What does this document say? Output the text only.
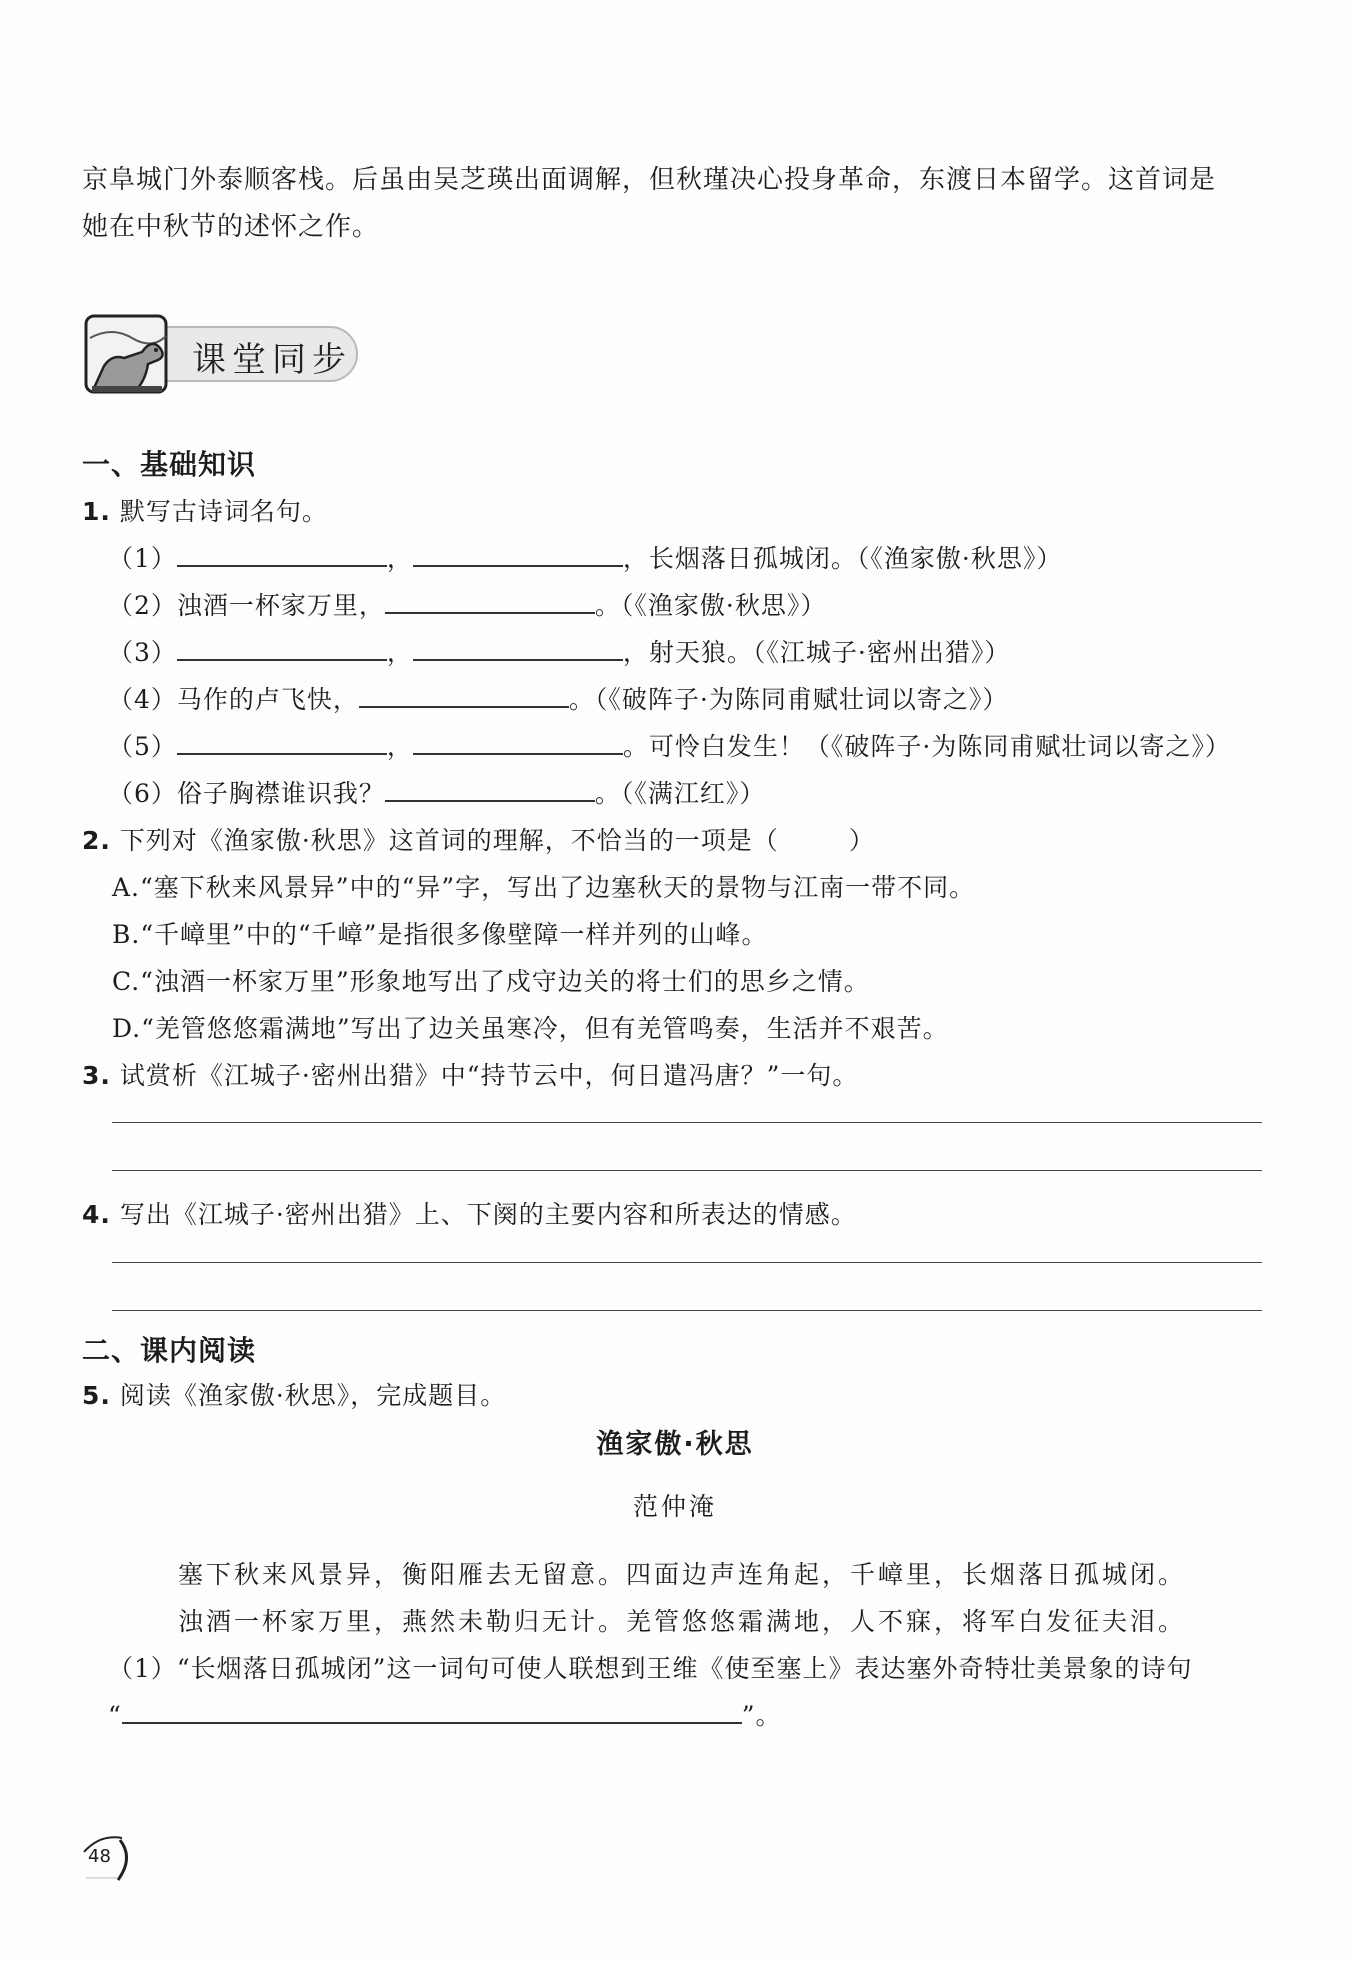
京阜城门外泰顺客栈。后虽由吴芝瑛出面调解，但秋瑾决心投身革命，东渡日本留学。这首词是

她在中秋节的述怀之作。

课堂同步
一、基础知识
1. 默写古诗词名句。
（1）	，	，长烟落日孤城闭。（《渔家傲·秋思》）
（2）浊酒一杯家万里，	。（《渔家傲·秋思》）
（3）	，	，射天狼。（《江城子·密州出猎》）
（4）马作的卢飞快，	。（《破阵子·为陈同甫赋壮词以寄之》）
（5）	，	。可怜白发生！（《破阵子·为陈同甫赋壮词以寄之》）
（6）俗子胸襟谁识我？	。（《满江红》）
2. 下列对《渔家傲·秋思》这首词的理解，不恰当的一项是（	）
A.“塞下秋来风景异”中的“异”字，写出了边塞秋天的景物与江南一带不同。
B.“千嶂里”中的“千嶂”是指很多像壁障一样并列的山峰。
C.“浊酒一杯家万里”形象地写出了戍守边关的将士们的思乡之情。
D.“羌管悠悠霜满地”写出了边关虽寒冷，但有羌管鸣奏，生活并不艰苦。
3. 试赏析《江城子·密州出猎》中“持节云中，何日遣冯唐？”一句。
4. 写出《江城子·密州出猎》上、下阕的主要内容和所表达的情感。
二、课内阅读
5. 阅读《渔家傲·秋思》，完成题目。
渔家傲·秋思
范仲淹
塞下秋来风景异，衡阳雁去无留意。四面边声连角起，千嶂里，长烟落日孤城闭。
浊酒一杯家万里，燕然未勒归无计。羌管悠悠霜满地，人不寐，将军白发征夫泪。
（1）“长烟落日孤城闭”这一词句可使人联想到王维《使至塞上》表达塞外奇特壮美景象的诗句
“	”。
48
